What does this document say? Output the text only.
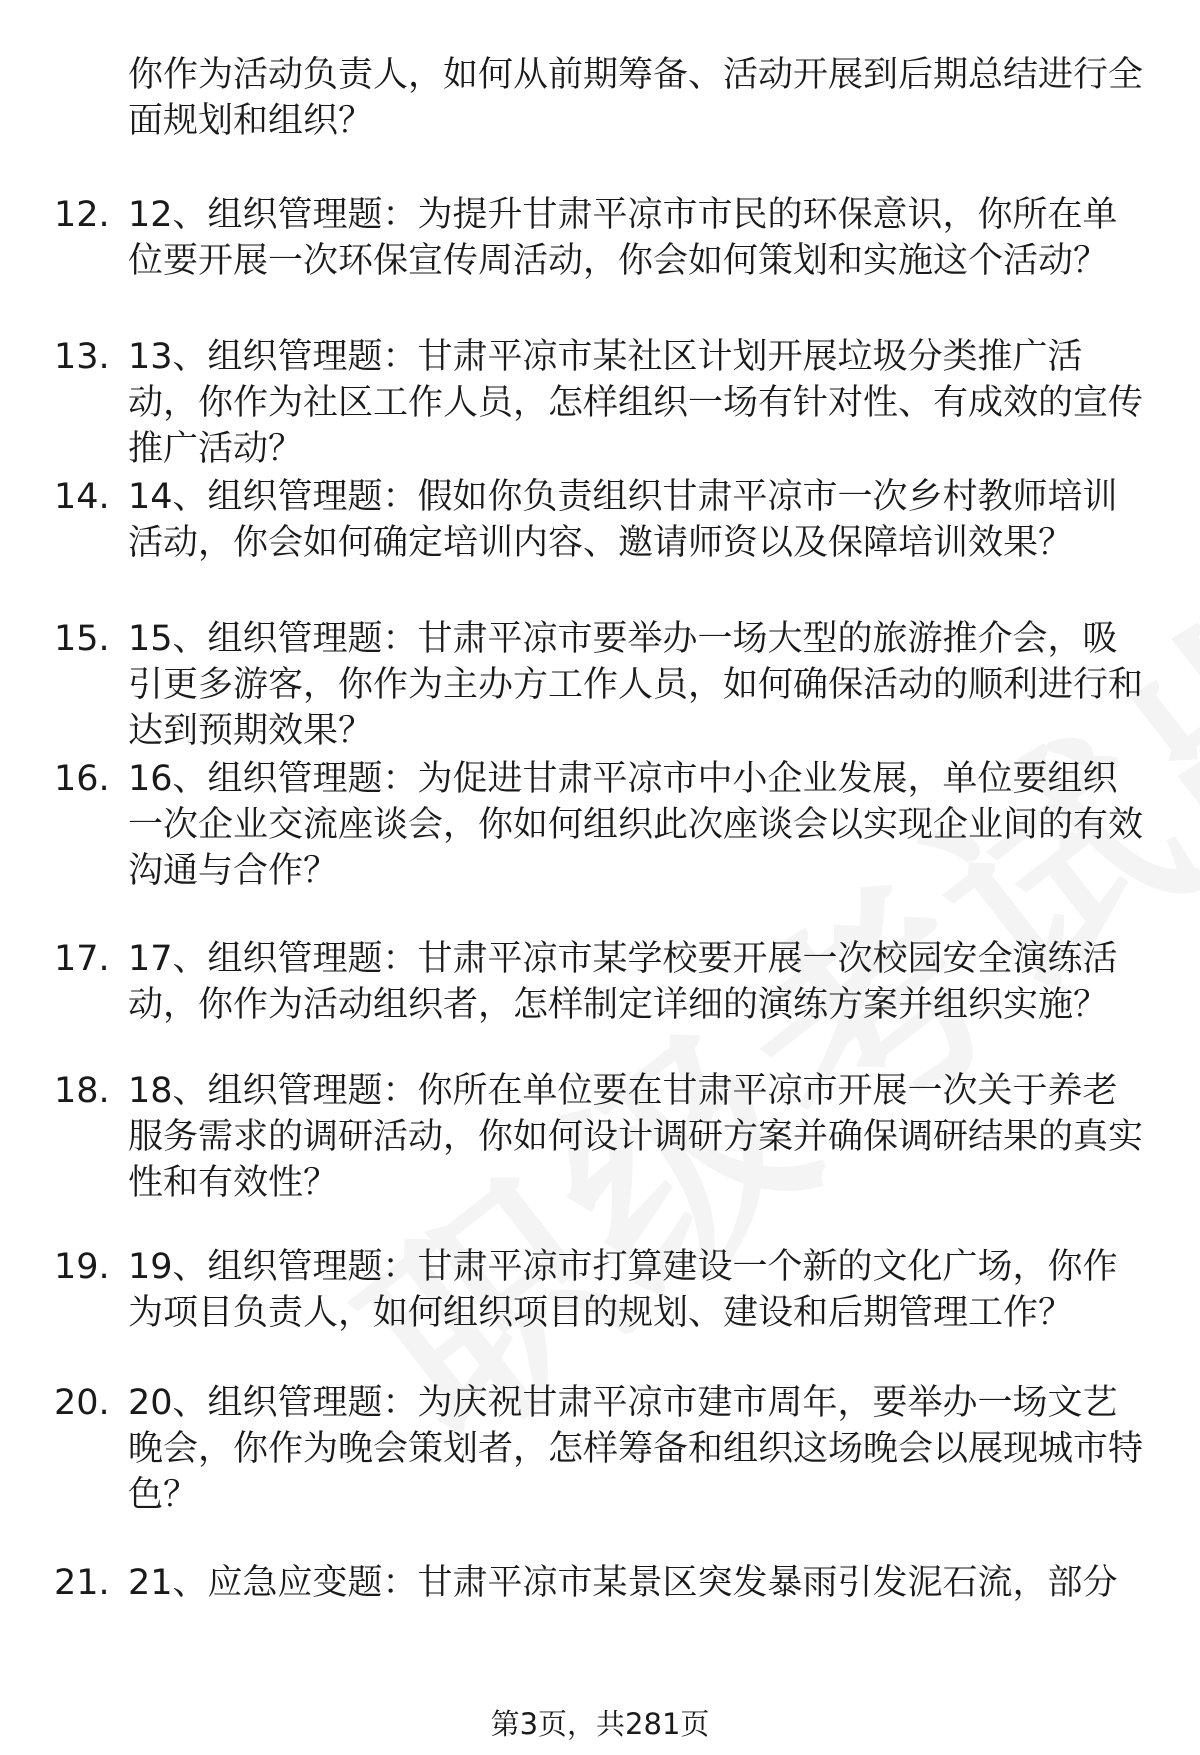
你作为活动负责人，如何从前期筹备、活动开展到后期总结进行全面规划和组织？

12. 12、组织管理题：为提升甘肃平凉市市民的环保意识，你所在单位要开展一次环保宣传周活动，你会如何策划和实施这个活动？
13. 13、组织管理题：甘肃平凉市某社区计划开展垃圾分类推广活动，你作为社区工作人员，怎样组织一场有针对性、有成效的宣传推广活动？
14. 14、组织管理题：假如你负责组织甘肃平凉市一次乡村教师培训活动，你会如何确定培训内容、邀请师资以及保障培训效果？
15. 15、组织管理题：甘肃平凉市要举办一场大型的旅游推介会，吸引更多游客，你作为主办方工作人员，如何确保活动的顺利进行和达到预期效果？
16. 16、组织管理题：为促进甘肃平凉市中小企业发展，单位要组织一次企业交流座谈会，你如何组织此次座谈会以实现企业间的有效沟通与合作？
17. 17、组织管理题：甘肃平凉市某学校要开展一次校园安全演练活动，你作为活动组织者，怎样制定详细的演练方案并组织实施？
18. 18、组织管理题：你所在单位要在甘肃平凉市开展一次关于养老服务需求的调研活动，你如何设计调研方案并确保调研结果的真实性和有效性？
19. 19、组织管理题：甘肃平凉市打算建设一个新的文化广场，你作为项目负责人，如何组织项目的规划、建设和后期管理工作？
20. 20、组织管理题：为庆祝甘肃平凉市建市周年，要举办一场文艺晚会，你作为晚会策划者，怎样筹备和组织这场晚会以展现城市特色？
21. 21、应急应变题：甘肃平凉市某景区突发暴雨引发泥石流，部分
第3页，共281页
